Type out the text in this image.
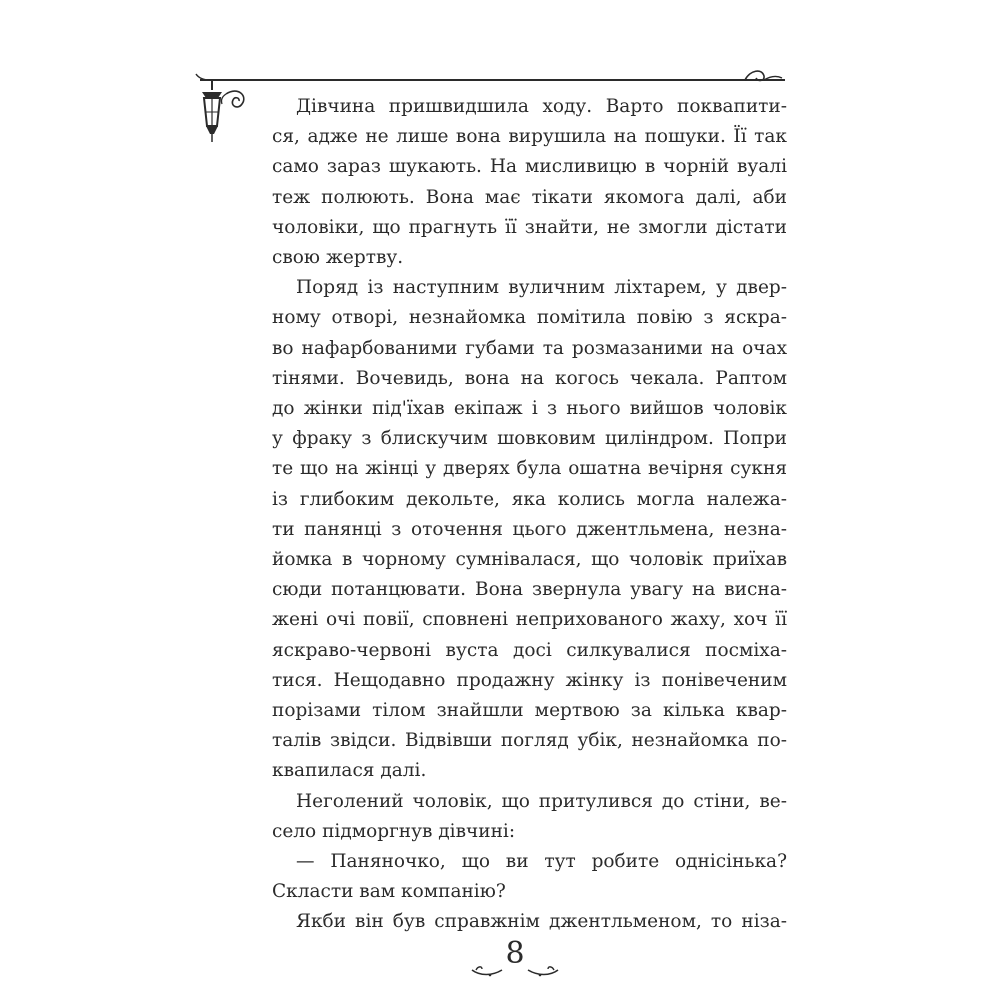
Дівчина пришвидшила ходу. Варто поквапити-
ся, адже не лише вона вирушила на пошуки. Її так
само зараз шукають. На мисливицю в чорній вуалі
теж полюють. Вона має тікати якомога далі, аби
чоловіки, що прагнуть її знайти, не змогли дістати
свою жертву.

Поряд із наступним вуличним ліхтарем, у двер-
ному отворі, незнайомка помітила повію з яскра-
во нафарбованими губами та розмазаними на очах
тінями. Вочевидь, вона на когось чекала. Раптом
до жінки під'їхав екіпаж і з нього вийшов чоловік
у фраку з блискучим шовковим циліндром. Попри
те що на жінці у дверях була ошатна вечірня сукня
із глибоким декольте, яка колись могла належа-
ти панянці з оточення цього джентльмена, незна-
йомка в чорному сумнівалася, що чоловік приїхав
сюди потанцювати. Вона звернула увагу на висна-
жені очі повії, сповнені неприхованого жаху, хоч її
яскраво-червоні вуста досі силкувалися посміха-
тися. Нещодавно продажну жінку із понівеченим
порізами тілом знайшли мертвою за кілька квар-
талів звідси. Відвівши погляд убік, незнайомка по-
квапилася далі.

Неголений чоловік, що притулився до стіни, ве-
село підморгнув дівчині:

— Паняночко, що ви тут робите однісінька?
Скласти вам компанію?

Якби він був справжнім джентльменом, то ніза-

8
